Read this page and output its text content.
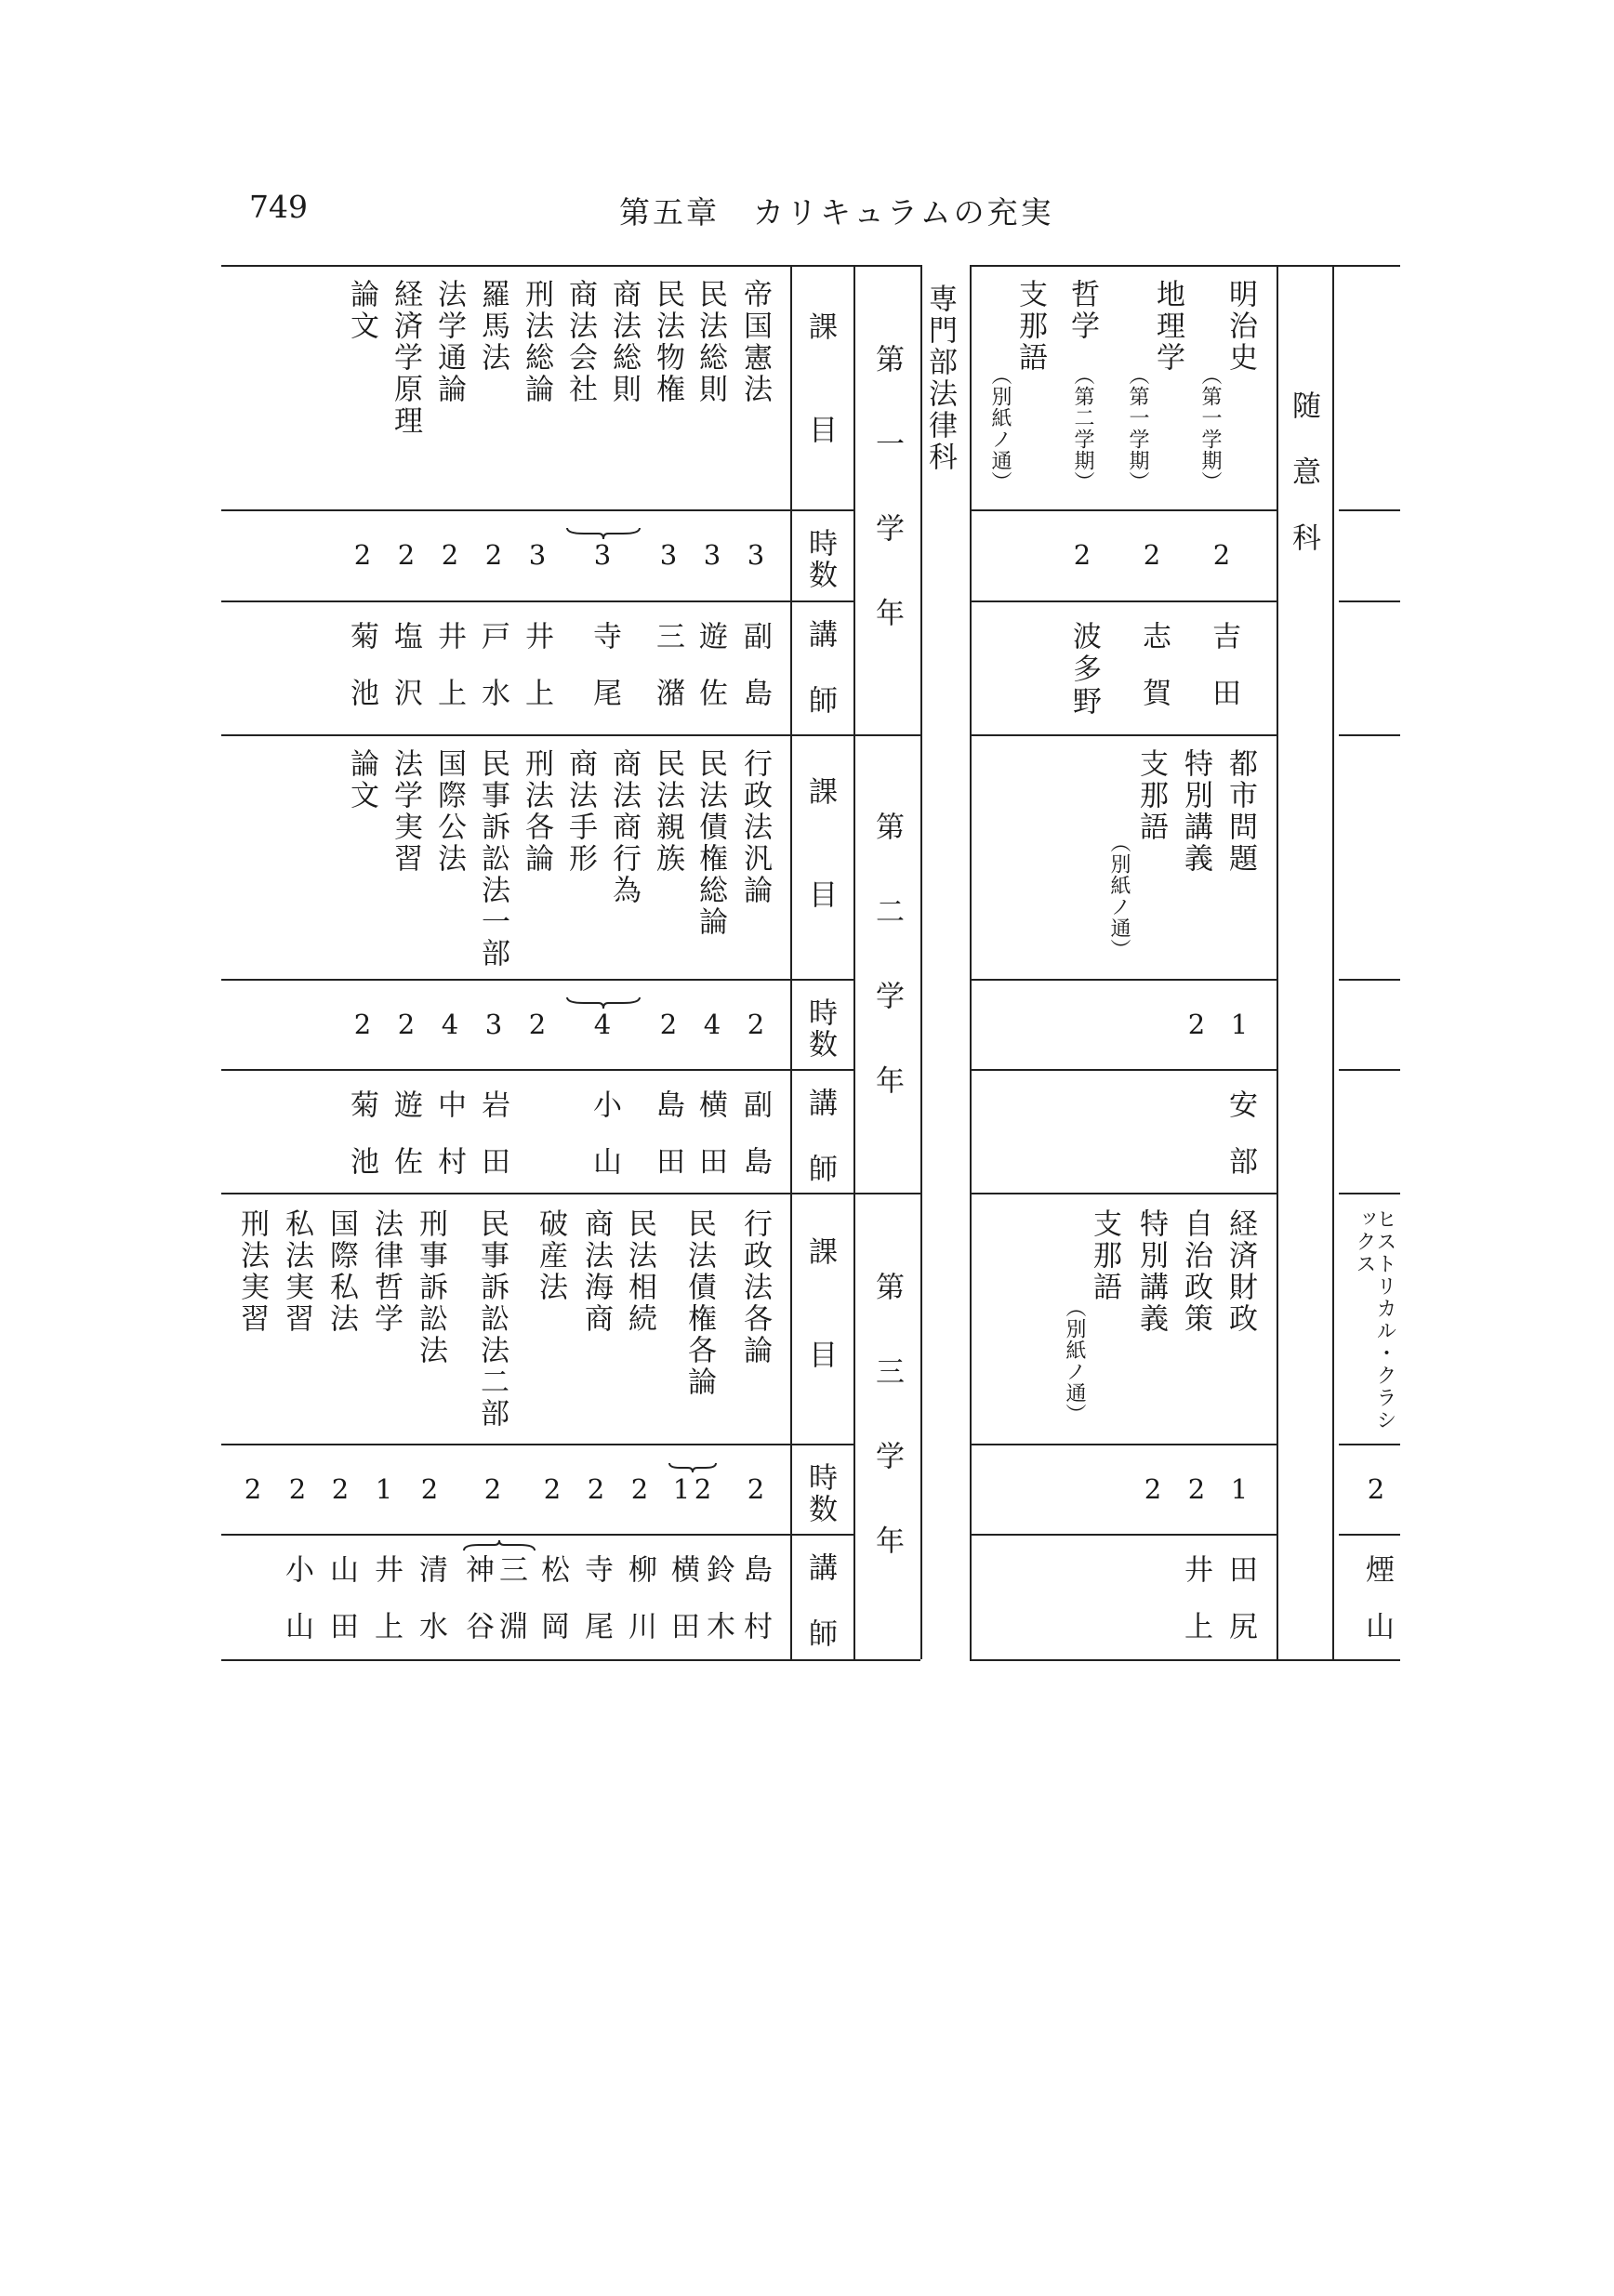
749	第五章　カリキュラムの充実
専門部法律科
随意科
第一学年
第二学年
第三学年
課目
時数
講師
課目
時数
講師
課目
時数
講師
帝国憲法
民法総則
民法物権
商法総則
商法会社
刑法総論
羅馬法
法学通論
経済学原理
論文
3
3
3
3
3
2
2
2
2
副島
遊佐
三潴
寺尾
井上
戸水
井上
塩沢
菊池
明治史
（第一学期）
地理学
（第一学期）
哲学
（第二学期）
支那語
（別紙ノ通）
2
2
2
吉田
志賀
波多野
行政法汎論
民法債権総論
民法親族
商法商行為
商法手形
刑法各論
民事訴訟法一部
国際公法
法学実習
論文
2
4
2
4
2
3
4
2
2
副島
横田
島田
小山
岩田
中村
遊佐
菊池
都市問題
特別講義
支那語
（別紙ノ通）
1
2
安部
行政法各論
民法債権各論
民法相続
商法海商
破産法
民事訴訟法二部
刑事訴訟法
法律哲学
国際私法
私法実習
刑法実習
2
2
1
2
2
2
2
2
1
2
2
2
島村
鈴木
横田
柳川
寺尾
松岡
三淵
神谷
清水
井上
山田
小山
経済財政
自治政策
特別講義
支那語
（別紙ノ通）
1
2
2
田尻
井上
ヒストリカル・クラシックス
2
煙山
